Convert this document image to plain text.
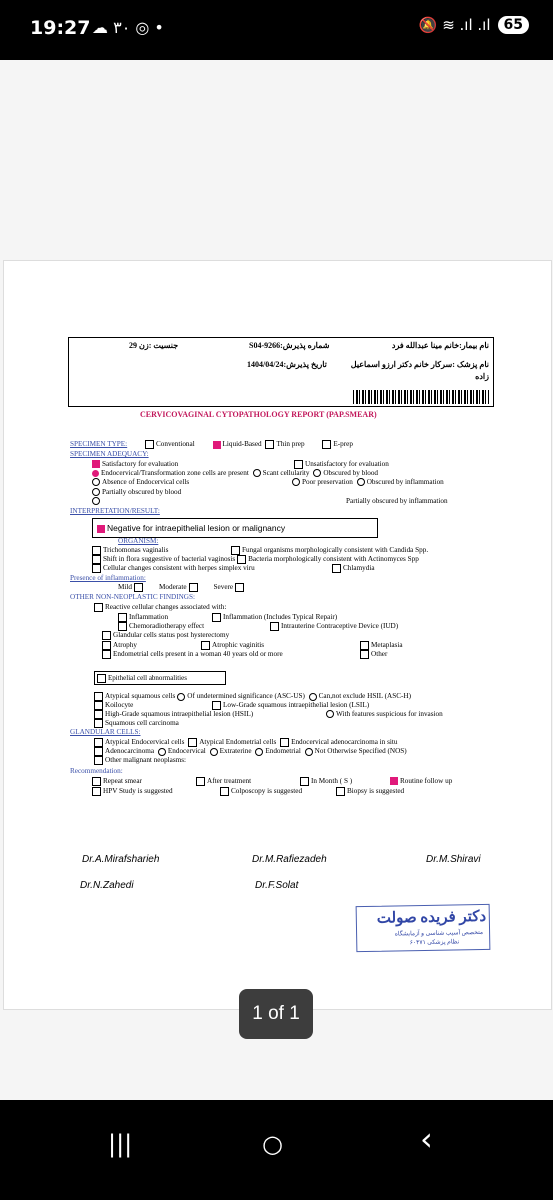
19:27 ☁ ٣٠ ◎ •	🔕 ≋ .ıl .ıl 65
نام بیمار:خانم مینا عبدالله فرد
شماره پذیرش:S04-9266
جنسیت :زن 29
نام پزشک :سرکار خانم دکتر ارزو اسماعیل
تاریخ پذیرش:1404/04/24
زاده
CERVICOVAGINAL CYTOPATHOLOGY REPORT (PAP.SMEAR)
SPECIMEN TYPE:	Conventional	Liquid-Based Thin prep	E-prep
SPECIMEN ADEQUACY:
Satisfactory for evaluation	Unsatisfactory for evaluation
Endocervical/Transformation zone cells are present Scant cellularity Obscured by blood
Absence of Endocervical cells	Poor preservation Obscured by inflammation
Partially obscured by blood
Partially obscured by inflammation
INTERPRETATION/RESULT:
Negative for intraepithelial lesion or malignancy
ORGANISM:
Trichomonas vaginalis	Fungal organisms morphologically consistent with Candida Spp.
Shift in flora suggestive of bacterial vaginosis Bacteria morphologically consistent with Actinomyces Spp
Cellular changes consistent with herpes simplex viru	Chlamydia
Presence of inflammation:
Mild	Moderate	Severe
OTHER NON-NEOPLASTIC FINDINGS:
Reactive cellular changes associated with:
Inflammation	Inflammation (Includes Typical Repair)
Chemoradiotherapy effect	Intrauterine Contraceptive Device (IUD)
Glandular cells status post hysterectomy
Atrophy	Atrophic vaginitis	Metaplasia
Endometrial cells present in a woman 40 years old or more	Other
Epithelial cell abnormalities
Atypical squamous cells Of undetermined significance (ASC-US) Can,not exclude HSIL (ASC-H)
Koilocyte	Low-Grade squamous intraepithelial lesion (LSIL)
High-Grade squamous intraepithelial lesion (HSIL)	With features suspicious for invasion
Squamous cell carcinoma
GLANDULAR CELLS:
Atypical Endocervical cells Atypical Endometrial cells Endocervical adenocarcinoma in situ
Adenocarcinoma Endocervical Extraterine Endometrial Not Otherwise Specified (NOS)
Other malignant neoplasms:
Recommendation:
Repeat smear	After treatment	In Month ( S )	Routine follow up
HPV Study is suggested	Colposcopy is suggested	Biopsy is suggested
Dr.A.Mirafsharieh	Dr.M.Rafiezadeh	Dr.M.Shiravi
Dr.N.Zahedi	Dr.F.Solat
دکتر فریده صولت
متخصص آسیب شناسی و آزمایشگاه
نظام پزشکی ۶۰۴۷۱
1 of 1
|||	○	‹
